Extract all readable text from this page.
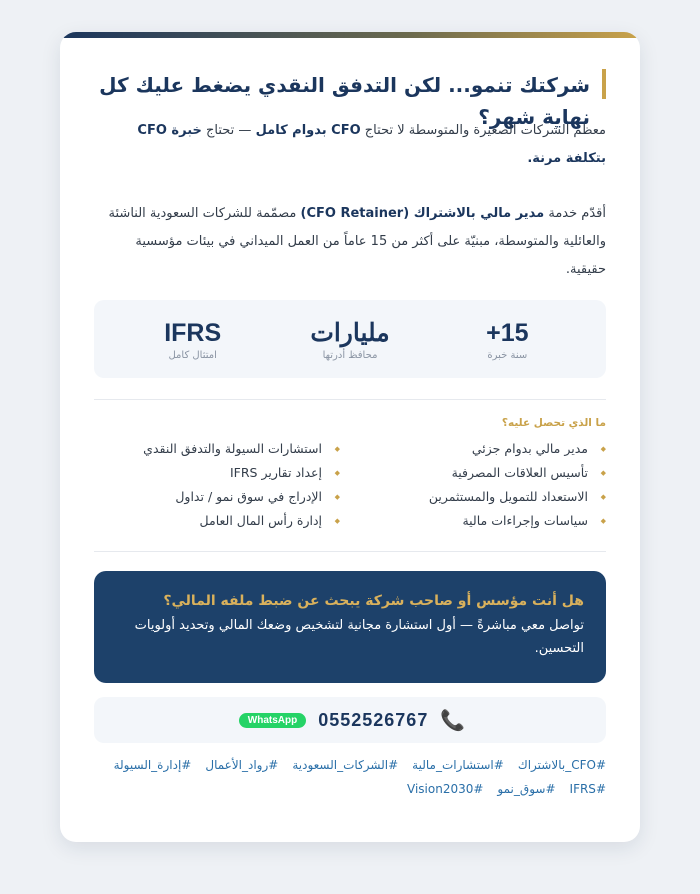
شركتك تنمو... لكن التدفق النقدي يضغط عليك كل نهاية شهر؟

معظم الشركات الصغيرة والمتوسطة لا تحتاج CFO بدوام كامل — تحتاج خبرة CFO بتكلفة مرنة.

أقدّم خدمة مدير مالي بالاشتراك (CFO Retainer) مصمّمة للشركات السعودية الناشئة والعائلية والمتوسطة، مبنيّة على أكثر من 15 عاماً من العمل الميداني في بيئات مؤسسية حقيقية.

15+
سنة خبرة
مليارات
محافظ أدرتها
IFRS
امتثال كامل
ما الذي تحصل عليه؟
◆ مدير مالي بدوام جزئي
◆ استشارات السيولة والتدفق النقدي
◆ تأسيس العلاقات المصرفية
◆ إعداد تقارير IFRS
◆ الاستعداد للتمويل والمستثمرين
◆ الإدراج في سوق نمو / تداول
◆ سياسات وإجراءات مالية
◆ إدارة رأس المال العامل
هل أنت مؤسس أو صاحب شركة يبحث عن ضبط ملفه المالي؟
تواصل معي مباشرةً — أول استشارة مجانية لتشخيص وضعك المالي وتحديد أولويات التحسين.
📞
0552526767
WhatsApp
#CFO_بالاشتراك
#استشارات_مالية
#الشركات_السعودية
#رواد_الأعمال
#إدارة_السيولة
#IFRS
#سوق_نمو
#Vision2030
